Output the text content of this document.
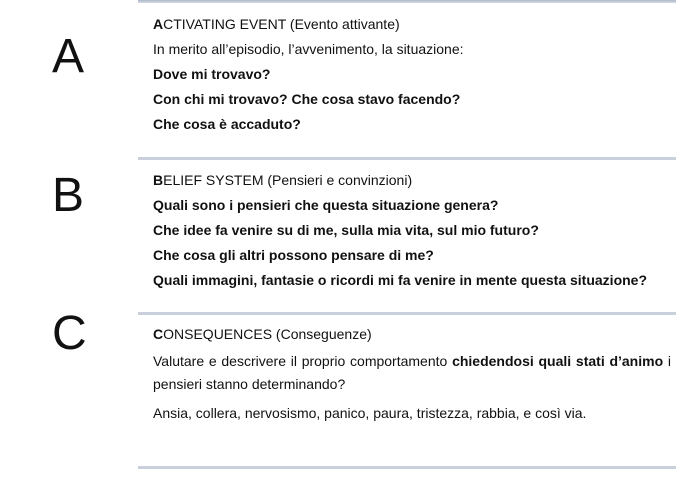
A
ACTIVATING EVENT (Evento attivante)
In merito all’episodio, l’avvenimento, la situazione:
Dove mi trovavo?
Con chi mi trovavo? Che cosa stavo facendo?
Che cosa è accaduto?
B	BELIEF SYSTEM (Pensieri e convinzioni)
Quali sono i pensieri che questa situazione genera?
Che idee fa venire su di me, sulla mia vita, sul mio futuro?
Che cosa gli altri possono pensare di me?
Quali immagini, fantasie o ricordi mi fa venire in mente questa situazione?
C	CONSEQUENCES (Conseguenze)

Valutare e descrivere il proprio comportamento chiedendosi quali stati d’animo i pensieri stanno determinando?

Ansia, collera, nervosismo, panico, paura, tristezza, rabbia, e così via.
